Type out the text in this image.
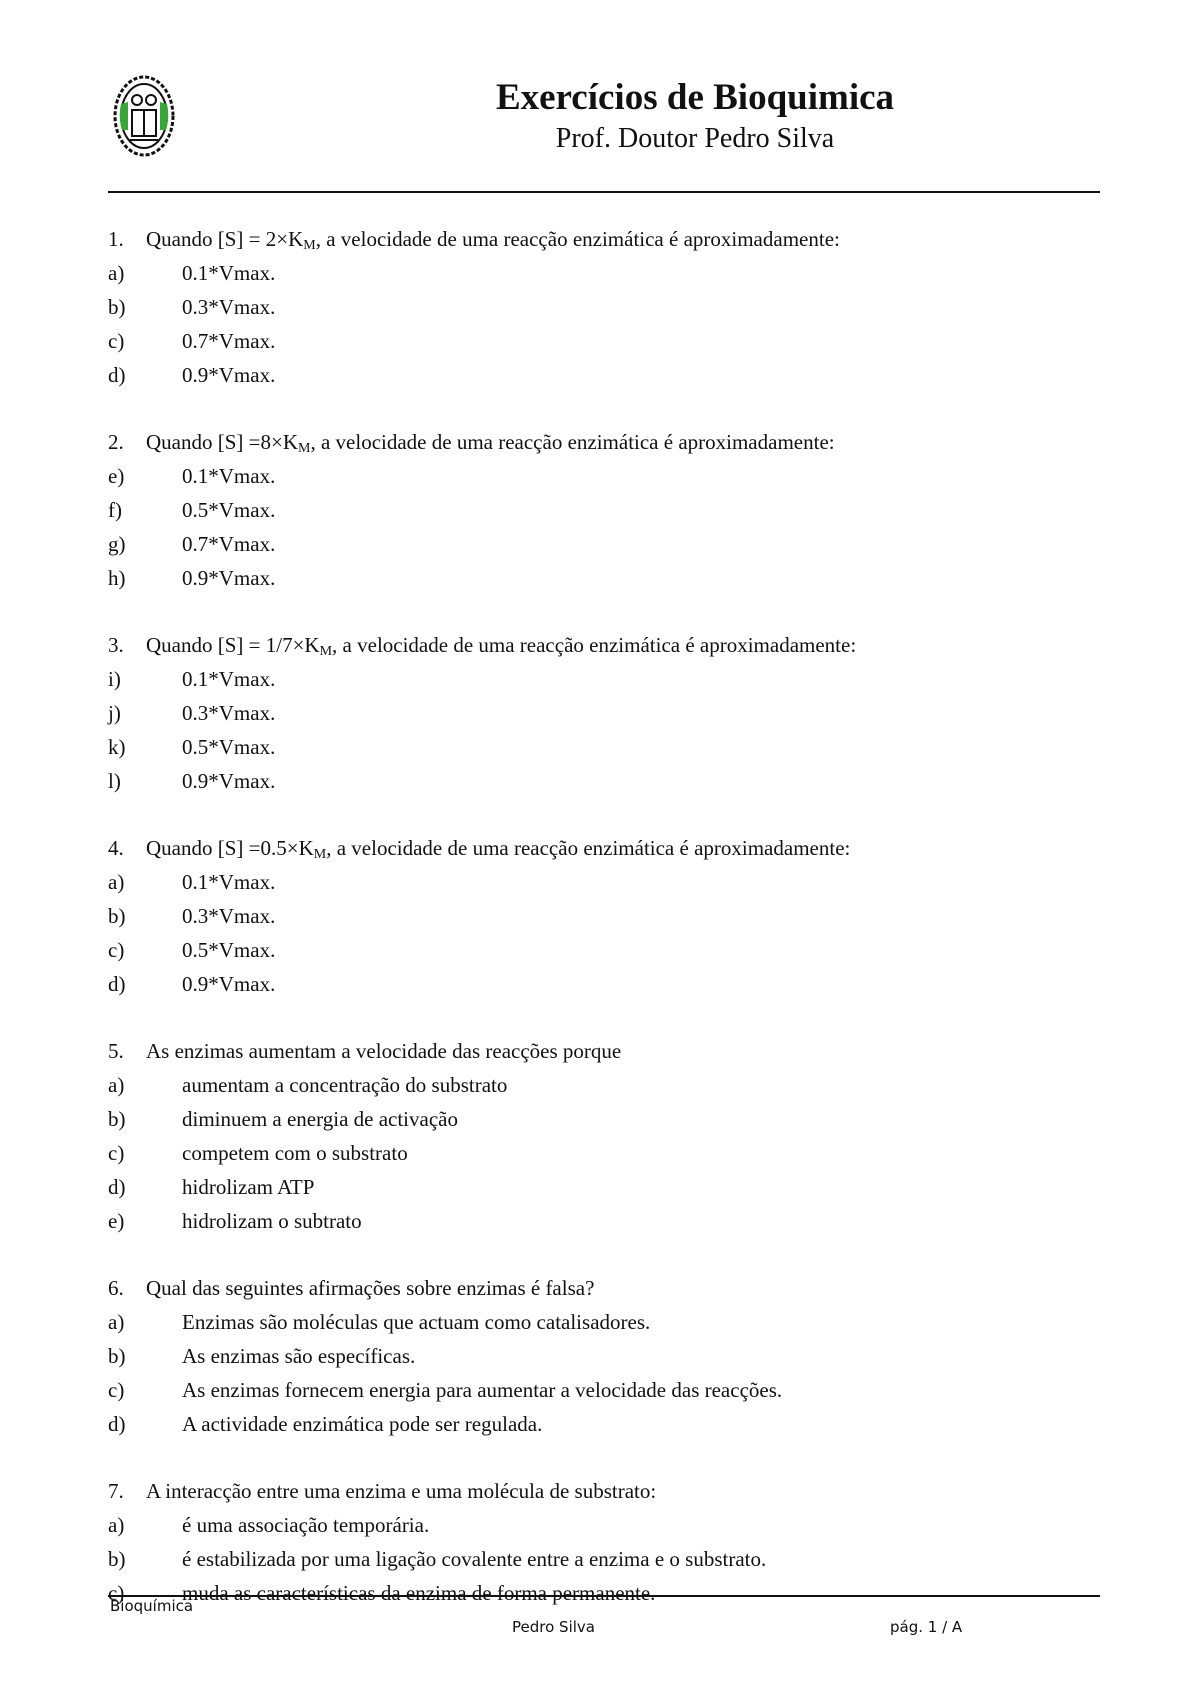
Exercícios de Bioquimica
Prof. Doutor Pedro Silva
1. Quando $[S] = 2\times K_M$, a velocidade de uma reacção enzimática é aproximadamente:
a)	0.1*Vmax.
b)	0.3*Vmax.
c)	0.7*Vmax.
d)	0.9*Vmax.
2. Quando $[S] =8\times K_M$, a velocidade de uma reacção enzimática é aproximadamente:
e)	0.1*Vmax.
f)	0.5*Vmax.
g)	0.7*Vmax.
h)	0.9*Vmax.
3. Quando $[S] = 1/7\times K_M$, a velocidade de uma reacção enzimática é aproximadamente:
i)	0.1*Vmax.
j)	0.3*Vmax.
k)	0.5*Vmax.
l)	0.9*Vmax.
4. Quando $[S] =0.5\times K_M$, a velocidade de uma reacção enzimática é aproximadamente:
a)	0.1*Vmax.
b)	0.3*Vmax.
c)	0.5*Vmax.
d)	0.9*Vmax.
5. As enzimas aumentam a velocidade das reacções porque
a)	aumentam a concentração do substrato
b)	diminuem a energia de activação
c)	competem com o substrato
d)	hidrolizam ATP
e)	hidrolizam o subtrato
6. Qual das seguintes afirmações sobre enzimas é falsa?
a)	Enzimas são moléculas que actuam como catalisadores.
b)	As enzimas são específicas.
c)	As enzimas fornecem energia para aumentar a velocidade das reacções.
d)	A actividade enzimática pode ser regulada.
7. A interacção entre uma enzima e uma molécula de substrato:
a)	é uma associação temporária.
b)	é estabilizada por uma ligação covalente entre a enzima e o substrato.
c)	muda as características da enzima de forma permanente.
Bioquímica
Pedro Silva	pág. 1 / A
